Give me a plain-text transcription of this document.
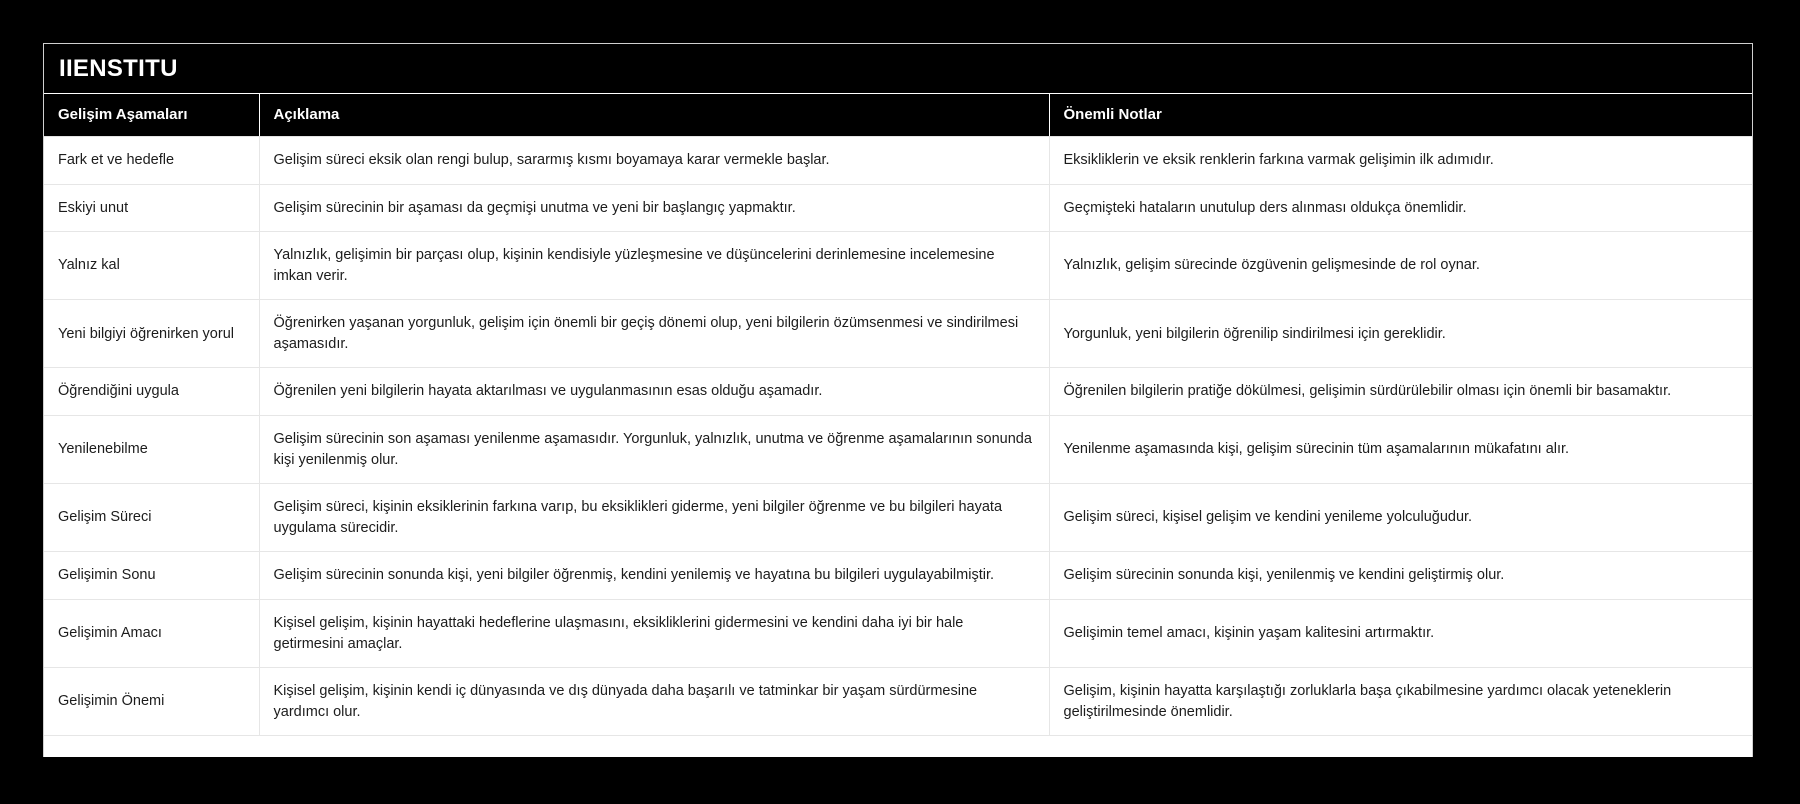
IIENSTITU
Gelişim Aşamaları	Açıklama	Önemli Notlar
Fark et ve hedefle	Gelişim süreci eksik olan rengi bulup, sararmış kısmı boyamaya karar vermekle başlar.	Eksikliklerin ve eksik renklerin farkına varmak gelişimin ilk adımıdır.
Eskiyi unut	Gelişim sürecinin bir aşaması da geçmişi unutma ve yeni bir başlangıç yapmaktır.	Geçmişteki hataların unutulup ders alınması oldukça önemlidir.
Yalnız kal	Yalnızlık, gelişimin bir parçası olup, kişinin kendisiyle yüzleşmesine ve düşüncelerini derinlemesine incelemesine imkan verir.	Yalnızlık, gelişim sürecinde özgüvenin gelişmesinde de rol oynar.
Yeni bilgiyi öğrenirken yorul	Öğrenirken yaşanan yorgunluk, gelişim için önemli bir geçiş dönemi olup, yeni bilgilerin özümsenmesi ve sindirilmesi aşamasıdır.	Yorgunluk, yeni bilgilerin öğrenilip sindirilmesi için gereklidir.
Öğrendiğini uygula	Öğrenilen yeni bilgilerin hayata aktarılması ve uygulanmasının esas olduğu aşamadır.	Öğrenilen bilgilerin pratiğe dökülmesi, gelişimin sürdürülebilir olması için önemli bir basamaktır.
Yenilenebilme	Gelişim sürecinin son aşaması yenilenme aşamasıdır. Yorgunluk, yalnızlık, unutma ve öğrenme aşamalarının sonunda kişi yenilenmiş olur.	Yenilenme aşamasında kişi, gelişim sürecinin tüm aşamalarının mükafatını alır.
Gelişim Süreci	Gelişim süreci, kişinin eksiklerinin farkına varıp, bu eksiklikleri giderme, yeni bilgiler öğrenme ve bu bilgileri hayata uygulama sürecidir.	Gelişim süreci, kişisel gelişim ve kendini yenileme yolculuğudur.
Gelişimin Sonu	Gelişim sürecinin sonunda kişi, yeni bilgiler öğrenmiş, kendini yenilemiş ve hayatına bu bilgileri uygulayabilmiştir.	Gelişim sürecinin sonunda kişi, yenilenmiş ve kendini geliştirmiş olur.
Gelişimin Amacı	Kişisel gelişim, kişinin hayattaki hedeflerine ulaşmasını, eksikliklerini gidermesini ve kendini daha iyi bir hale getirmesini amaçlar.	Gelişimin temel amacı, kişinin yaşam kalitesini artırmaktır.
Gelişimin Önemi	Kişisel gelişim, kişinin kendi iç dünyasında ve dış dünyada daha başarılı ve tatminkar bir yaşam sürdürmesine yardımcı olur.	Gelişim, kişinin hayatta karşılaştığı zorluklarla başa çıkabilmesine yardımcı olacak yeteneklerin geliştirilmesinde önemlidir.
